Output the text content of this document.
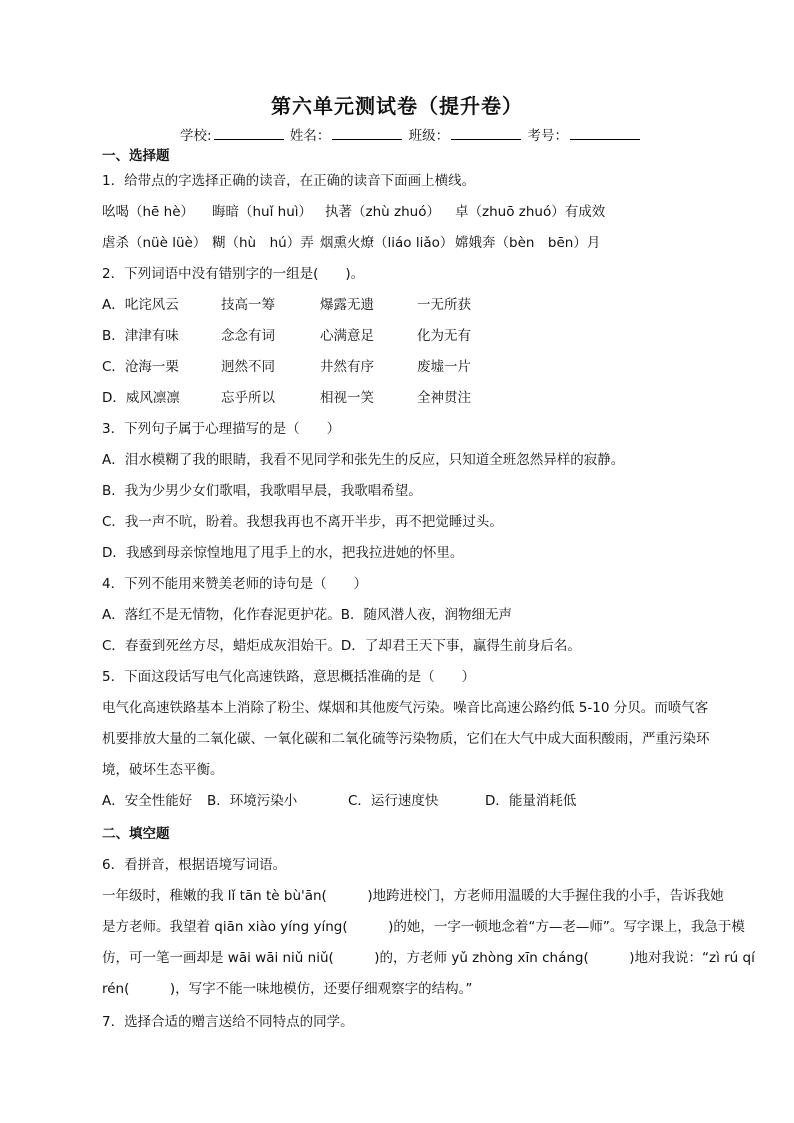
第六单元测试卷（提升卷）
学校:	姓名：	班级：	考号：
一、选择题
1．给带点的字选择正确的读音，在正确的读音下面画上横线。
吆喝（hē hè） 晦暗（huǐ huì） 执著（zhù zhuó） 卓（zhuō zhuó）有成效
虐杀（nüè lüè） 糊（hù　hú）弄 烟熏火燎（liáo liǎo） 嫦娥奔（bèn　bēn）月
2．下列词语中没有错别字的一组是(　　)。
A．叱诧风云	技高一筹	爆露无遗	一无所获
B．津津有味	念念有词	心满意足	化为无有
C．沧海一栗	迥然不同	井然有序	废墟一片
D．威风凛凛	忘乎所以	相视一笑	全神贯注
3．下列句子属于心理描写的是（　　）
A．泪水模糊了我的眼睛，我看不见同学和张先生的反应，只知道全班忽然异样的寂静。
B．我为少男少女们歌唱，我歌唱早晨，我歌唱希望。
C．我一声不吭，盼着。我想我再也不离开半步，再不把觉睡过头。
D．我感到母亲惊惶地甩了甩手上的水，把我拉进她的怀里。
4．下列不能用来赞美老师的诗句是（　　）
A．落红不是无情物，化作春泥更护花。B．随风潜人夜，润物细无声
C．春蚕到死丝方尽，蜡炬成灰泪始干。D．了却君王天下事，赢得生前身后名。
5．下面这段话写电气化高速铁路，意思概括准确的是（　　）
电气化高速铁路基本上消除了粉尘、煤烟和其他废气污染。噪音比高速公路约低 5-10 分贝。而喷气客
机要排放大量的二氧化碳、一氧化碳和二氧化硫等污染物质，它们在大气中成大面积酸雨，严重污染环
境，破坏生态平衡。
A．安全性能好 B．环境污染小	C．运行速度快	D．能量消耗低
二、填空题
6．看拼音，根据语境写词语。
一年级时，稚嫩的我 lǐ tān tè bù'ān(　　　)地跨进校门，方老师用温暖的大手握住我的小手，告诉我她
是方老师。我望着 qiān xiào yíng yíng(　　　)的她，一字一顿地念着“方—老—师”。写字课上，我急于模
仿，可一笔一画却是 wāi wāi niǔ niǔ(　　　)的，方老师 yǔ zhòng xīn cháng(　　　)地对我说：“zì rú qí
rén(　　　)，写字不能一味地模仿，还要仔细观察字的结构。”
7．选择合适的赠言送给不同特点的同学。
